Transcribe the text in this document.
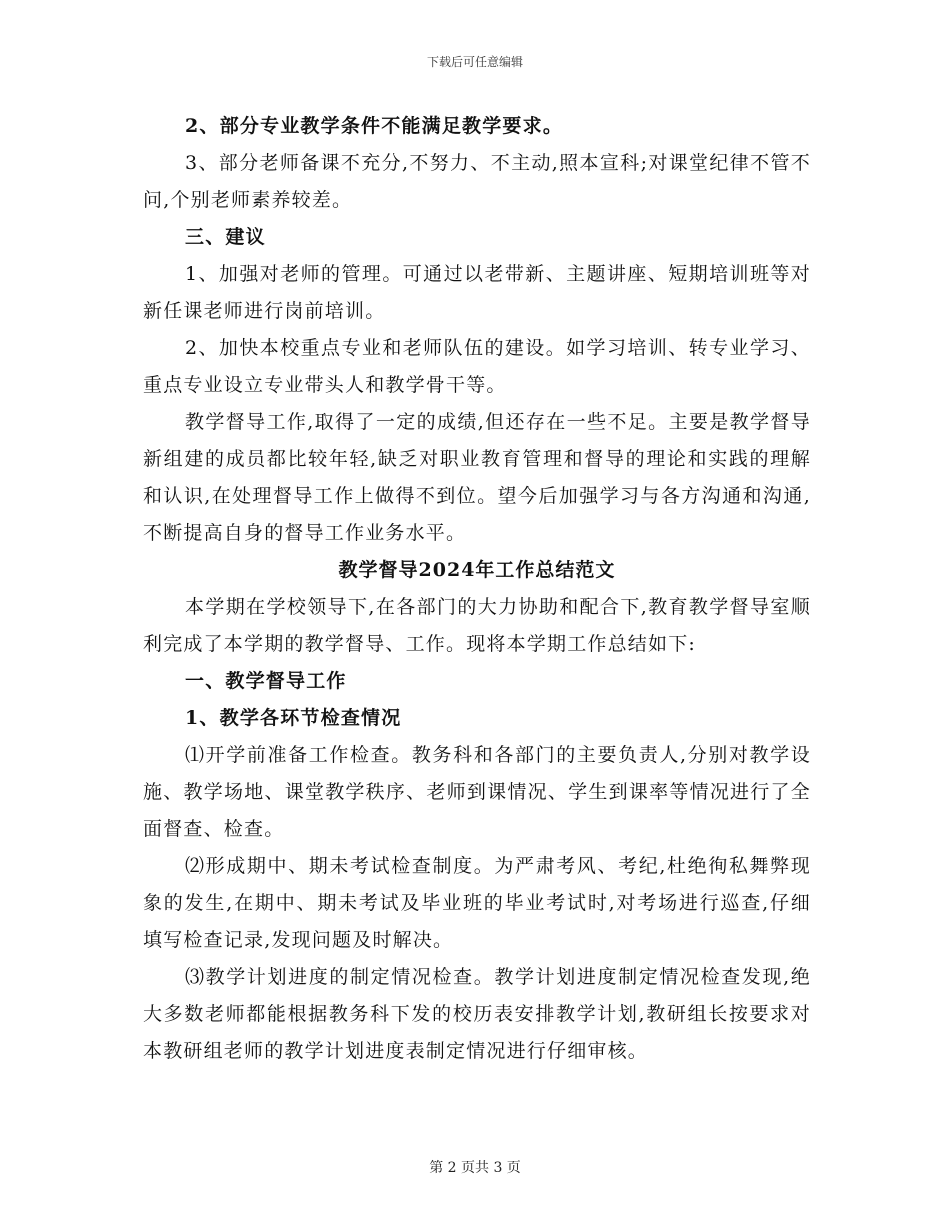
下载后可任意编辑

2、部分专业教学条件不能满足教学要求。

3、部分老师备课不充分,不努力、不主动,照本宣科;对课堂纪律不管不问,个别老师素养较差。

三、建议

1、加强对老师的管理。可通过以老带新、主题讲座、短期培训班等对新任课老师进行岗前培训。

2、加快本校重点专业和老师队伍的建设。如学习培训、转专业学习、重点专业设立专业带头人和教学骨干等。

教学督导工作,取得了一定的成绩,但还存在一些不足。主要是教学督导新组建的成员都比较年轻,缺乏对职业教育管理和督导的理论和实践的理解和认识,在处理督导工作上做得不到位。望今后加强学习与各方沟通和沟通,不断提高自身的督导工作业务水平。

教学督导2024年工作总结范文

本学期在学校领导下,在各部门的大力协助和配合下,教育教学督导室顺利完成了本学期的教学督导、工作。现将本学期工作总结如下:

一、教学督导工作

1、教学各环节检查情况

⑴开学前准备工作检查。教务科和各部门的主要负责人,分别对教学设施、教学场地、课堂教学秩序、老师到课情况、学生到课率等情况进行了全面督查、检查。

⑵形成期中、期未考试检查制度。为严肃考风、考纪,杜绝徇私舞弊现象的发生,在期中、期未考试及毕业班的毕业考试时,对考场进行巡查,仔细填写检查记录,发现问题及时解决。

⑶教学计划进度的制定情况检查。教学计划进度制定情况检查发现,绝大多数老师都能根据教务科下发的校历表安排教学计划,教研组长按要求对本教研组老师的教学计划进度表制定情况进行仔细审核。

第 2 页共 3 页
